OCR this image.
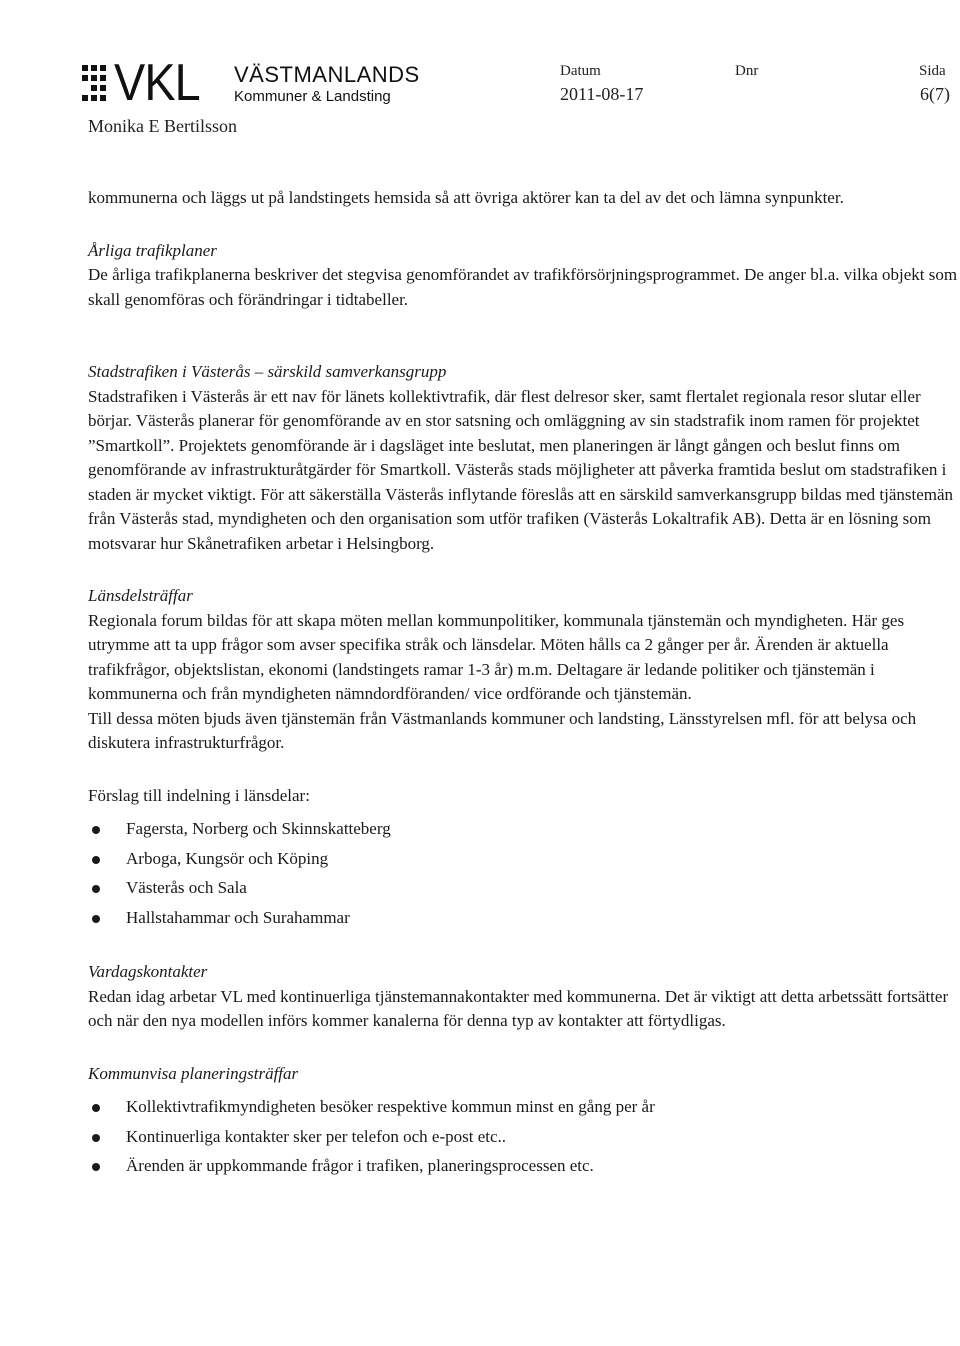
VKL VÄSTMANLANDS
Kommuner & Landsting
Monika E Bertilsson
Datum
2011-08-17
Dnr	Sida
6(7)

kommunerna och läggs ut på landstingets hemsida så att övriga aktörer kan ta del av det och lämna synpunkter.

Årliga trafikplaner

De årliga trafikplanerna beskriver det stegvisa genomförandet av trafikförsörjningsprogrammet. De anger bl.a. vilka objekt som skall genomföras och förändringar i tidtabeller.

Stadstrafiken i Västerås – särskild samverkansgrupp

Stadstrafiken i Västerås är ett nav för länets kollektivtrafik, där flest delresor sker, samt flertalet regionala resor slutar eller börjar. Västerås planerar för genomförande av en stor satsning och omläggning av sin stadstrafik inom ramen för projektet ”Smartkoll”. Projektets genomförande är i dagsläget inte beslutat, men planeringen är långt gången och beslut finns om genomförande av infrastrukturåtgärder för Smartkoll. Västerås stads möjligheter att påverka framtida beslut om stadstrafiken i staden är mycket viktigt. För att säkerställa Västerås inflytande föreslås att en särskild samverkansgrupp bildas med tjänstemän från Västerås stad, myndigheten och den organisation som utför trafiken (Västerås Lokaltrafik AB). Detta är en lösning som motsvarar hur Skånetrafiken arbetar i Helsingborg.

Länsdelsträffar

Regionala forum bildas för att skapa möten mellan kommunpolitiker, kommunala tjänstemän och myndigheten. Här ges utrymme att ta upp frågor som avser specifika stråk och länsdelar. Möten hålls ca 2 gånger per år. Ärenden är aktuella trafikfrågor, objektslistan, ekonomi (landstingets ramar 1-3 år) m.m. Deltagare är ledande politiker och tjänstemän i kommunerna och från myndigheten nämndordföranden/ vice ordförande och tjänstemän.

Till dessa möten bjuds även tjänstemän från Västmanlands kommuner och landsting, Länsstyrelsen mfl. för att belysa och diskutera infrastrukturfrågor.

Förslag till indelning i länsdelar:

Fagersta, Norberg och Skinnskatteberg
Arboga, Kungsör och Köping
Västerås och Sala
Hallstahammar och Surahammar

Vardagskontakter

Redan idag arbetar VL med kontinuerliga tjänstemannakontakter med kommunerna. Det är viktigt att detta arbetssätt fortsätter och när den nya modellen införs kommer kanalerna för denna typ av kontakter att förtydligas.

Kommunvisa planeringsträffar

Kollektivtrafikmyndigheten besöker respektive kommun minst en gång per år
Kontinuerliga kontakter sker per telefon och e-post etc..
Ärenden är uppkommande frågor i trafiken, planeringsprocessen etc.
